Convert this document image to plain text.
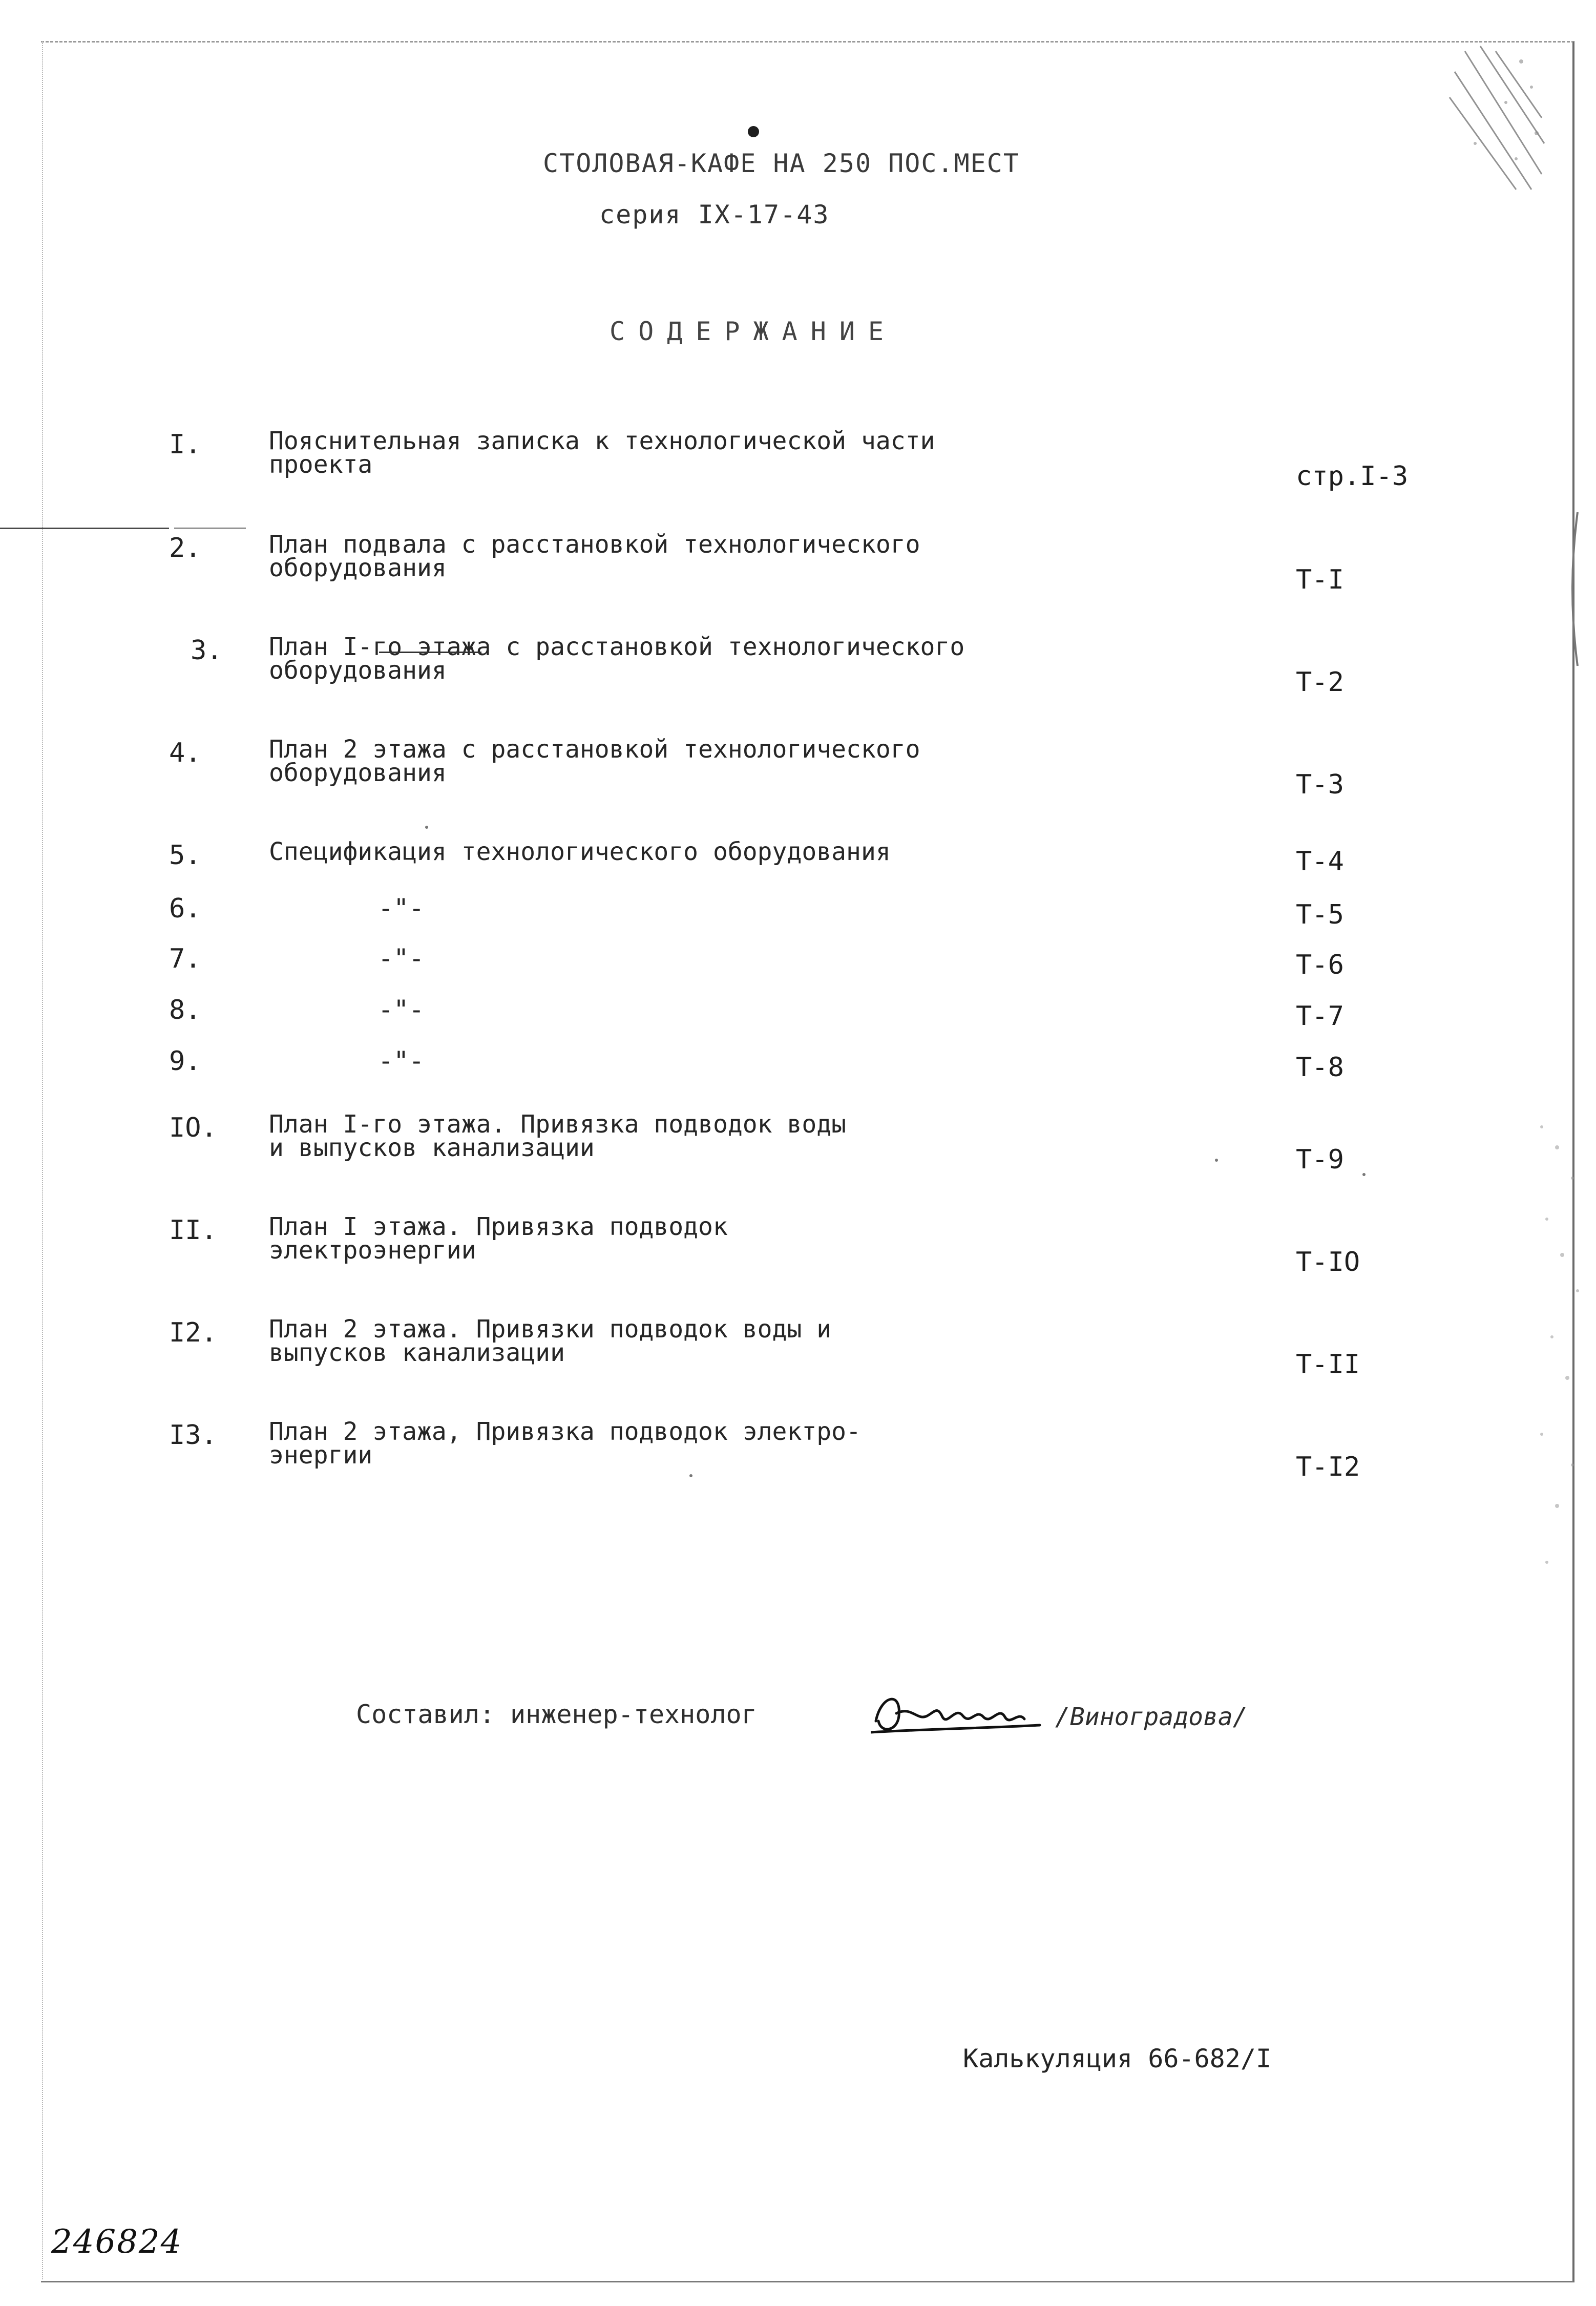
СТОЛОВАЯ-КАФЕ НА 250 ПОС.МЕСТ
серия IX-17-43
СОДЕРЖАНИЕ
I.	Пояснительная записка к технологической части
проекта	стр.I-3
2.	План подвала с расстановкой технологического
оборудования	Т-I
3. План I-го этажа с расстановкой технологического
оборудования	Т-2
4.	План 2 этажа с расстановкой технологического
оборудования	Т-3
5.	Спецификация технологического оборудования	Т-4
6.	-"-	Т-5
7.	-"-	Т-6
8.	-"-	Т-7
9.	-"-	Т-8
IO. План I-го этажа. Привязка подводок воды
и выпусков канализации	Т-9
II. План I этажа. Привязка подводок
электроэнергии	Т-IO
I2. План 2 этажа. Привязки подводок воды и
выпусков канализации	Т-II
I3. План 2 этажа, Привязка подводок электро-
энергии	Т-I2
Составил: инженер-технолог	/Виноградова/
Калькуляция 66-682/I
246824
